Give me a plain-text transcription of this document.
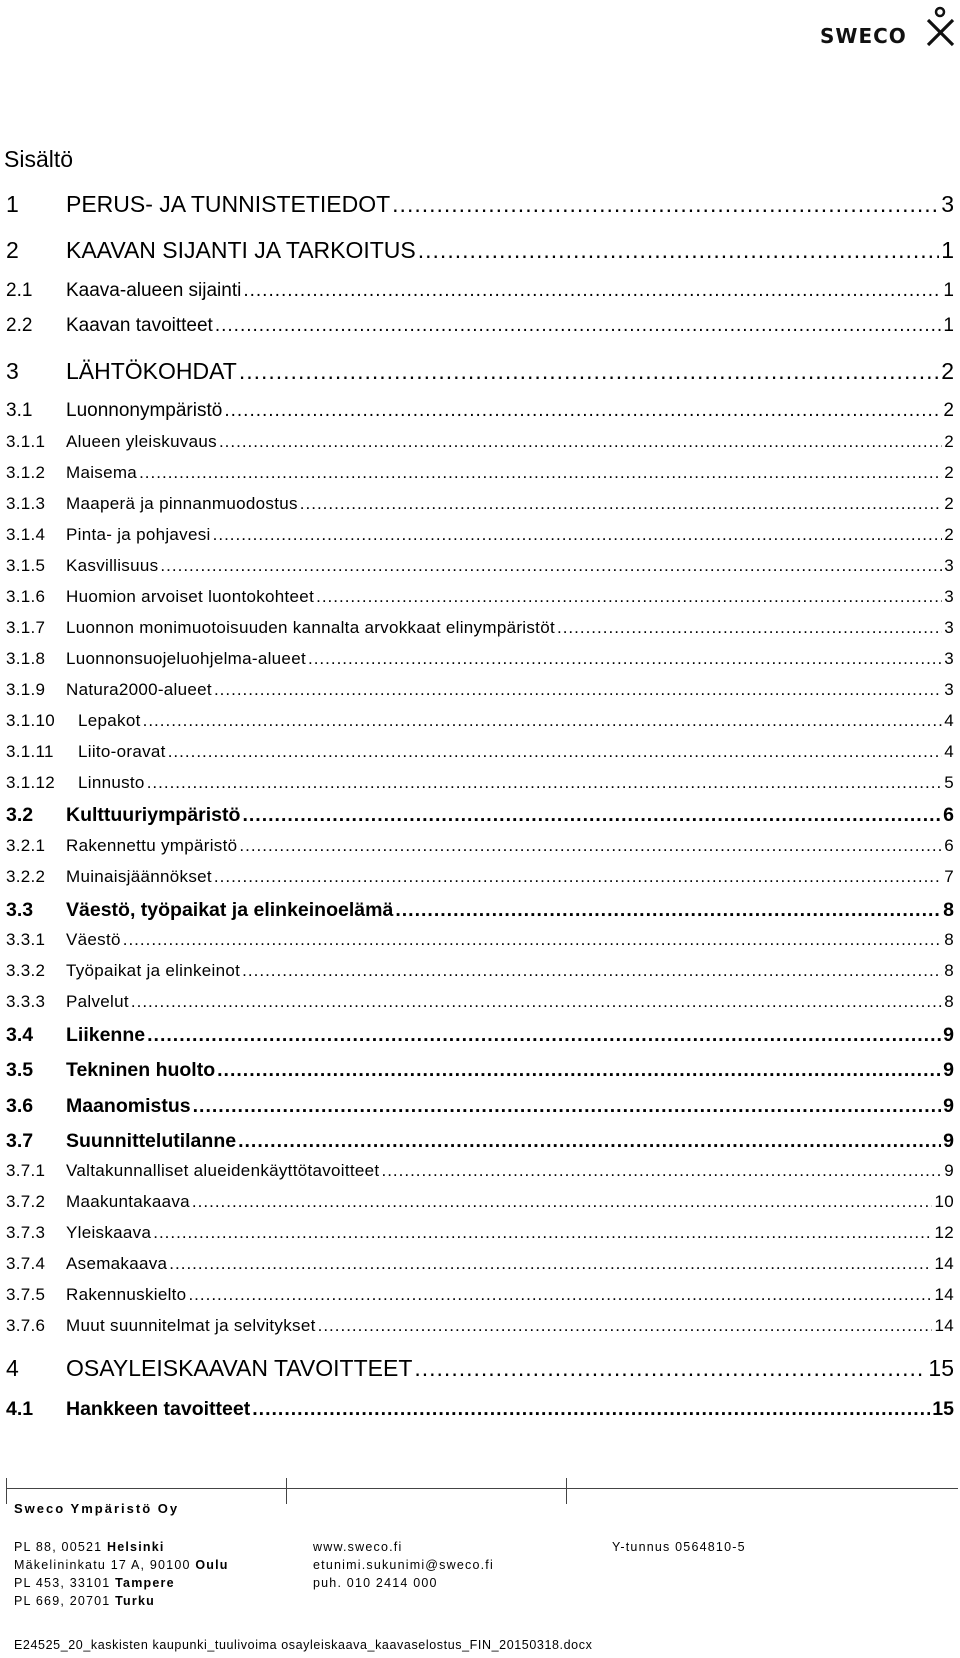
SWECO
Sisältö
1 PERUS- JA TUNNISTETIEDOT .....	3
2 KAAVAN SIJANTI JA TARKOITUS .....	1
2.1 Kaava-alueen sijainti .....	1
2.2 Kaavan tavoitteet .....	1
3 LÄHTÖKOHDAT .....	2
3.1 Luonnonympäristö .....	2
3.1.1 Alueen yleiskuvaus .....	2
3.1.2 Maisema .....	2
3.1.3 Maaperä ja pinnanmuodostus .....	2
3.1.4 Pinta- ja pohjavesi .....	2
3.1.5 Kasvillisuus .....	3
3.1.6 Huomion arvoiset luontokohteet .....	3
3.1.7 Luonnon monimuotoisuuden kannalta arvokkaat elinympäristöt .....	3
3.1.8 Luonnonsuojeluohjelma-alueet .....	3
3.1.9 Natura2000-alueet .....	3
3.1.10 Lepakot .....	4
3.1.11 Liito-oravat .....	4
3.1.12 Linnusto .....	5
3.2 Kulttuuriympäristö .....	6
3.2.1 Rakennettu ympäristö .....	6
3.2.2 Muinaisjäännökset .....	7
3.3 Väestö, työpaikat ja elinkeinoelämä .....	8
3.3.1 Väestö .....	8
3.3.2 Työpaikat ja elinkeinot .....	8
3.3.3 Palvelut .....	8
3.4 Liikenne .....	9
3.5 Tekninen huolto .....	9
3.6 Maanomistus .....	9
3.7 Suunnittelutilanne .....	9
3.7.1 Valtakunnalliset alueidenkäyttötavoitteet .....	9
3.7.2 Maakuntakaava .....	10
3.7.3 Yleiskaava .....	12
3.7.4 Asemakaava .....	14
3.7.5 Rakennuskielto .....	14
3.7.6 Muut suunnitelmat ja selvitykset .....	14
4 OSAYLEISKAAVAN TAVOITTEET .....	15
4.1 Hankkeen tavoitteet .....	15
Sweco Ympäristö Oy
PL 88, 00521 Helsinki
Mäkelininkatu 17 A, 90100 Oulu
PL 453, 33101 Tampere
PL 669, 20701 Turku
www.sweco.fi
etunimi.sukunimi@sweco.fi
puh. 010 2414 000
Y-tunnus 0564810-5
E24525_20_kaskisten kaupunki_tuulivoima osayleiskaava_kaavaselostus_FIN_20150318.docx
